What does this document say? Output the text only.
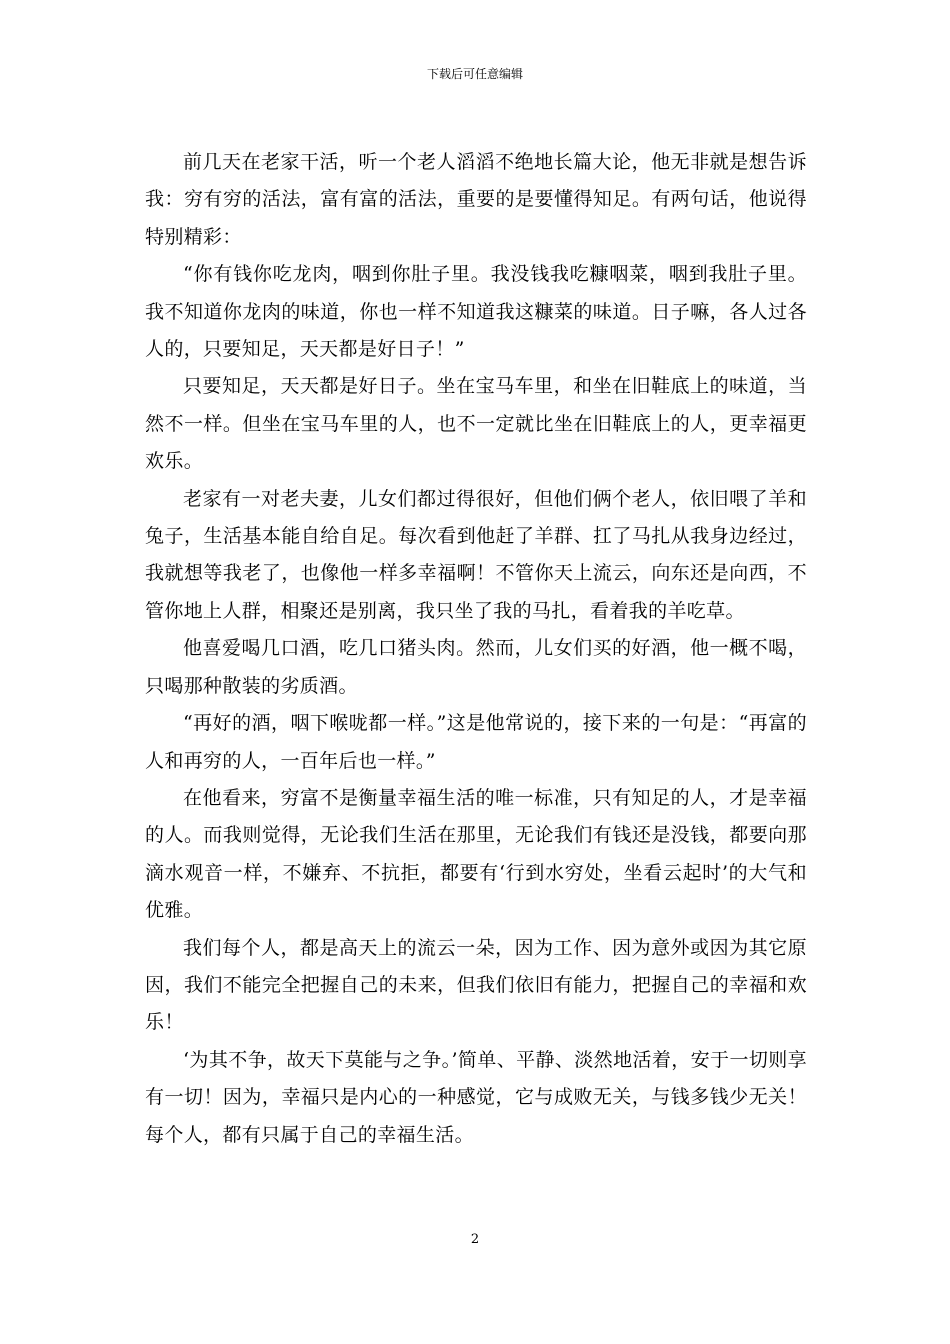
下载后可任意编辑

前几天在老家干活，听一个老人滔滔不绝地长篇大论，他无非就是想告诉我：穷有穷的活法，富有富的活法，重要的是要懂得知足。有两句话，他说得特别精彩：

“你有钱你吃龙肉，咽到你肚子里。我没钱我吃糠咽菜，咽到我肚子里。我不知道你龙肉的味道，你也一样不知道我这糠菜的味道。日子嘛，各人过各人的，只要知足，天天都是好日子！”

只要知足，天天都是好日子。坐在宝马车里，和坐在旧鞋底上的味道，当然不一样。但坐在宝马车里的人，也不一定就比坐在旧鞋底上的人，更幸福更欢乐。

老家有一对老夫妻，儿女们都过得很好，但他们俩个老人，依旧喂了羊和兔子，生活基本能自给自足。每次看到他赶了羊群、扛了马扎从我身边经过，我就想等我老了，也像他一样多幸福啊！不管你天上流云，向东还是向西，不管你地上人群，相聚还是别离，我只坐了我的马扎，看着我的羊吃草。

他喜爱喝几口酒，吃几口猪头肉。然而，儿女们买的好酒，他一概不喝，只喝那种散装的劣质酒。

“再好的酒，咽下喉咙都一样。”这是他常说的，接下来的一句是：“再富的人和再穷的人，一百年后也一样。”

在他看来，穷富不是衡量幸福生活的唯一标准，只有知足的人，才是幸福的人。而我则觉得，无论我们生活在那里，无论我们有钱还是没钱，都要向那滴水观音一样，不嫌弃、不抗拒，都要有‘行到水穷处，坐看云起时’的大气和优雅。

我们每个人，都是高天上的流云一朵，因为工作、因为意外或因为其它原因，我们不能完全把握自己的未来，但我们依旧有能力，把握自己的幸福和欢乐！

‘为其不争，故天下莫能与之争。’简单、平静、淡然地活着，安于一切则享有一切！因为，幸福只是内心的一种感觉，它与成败无关，与钱多钱少无关！每个人，都有只属于自己的幸福生活。

2
